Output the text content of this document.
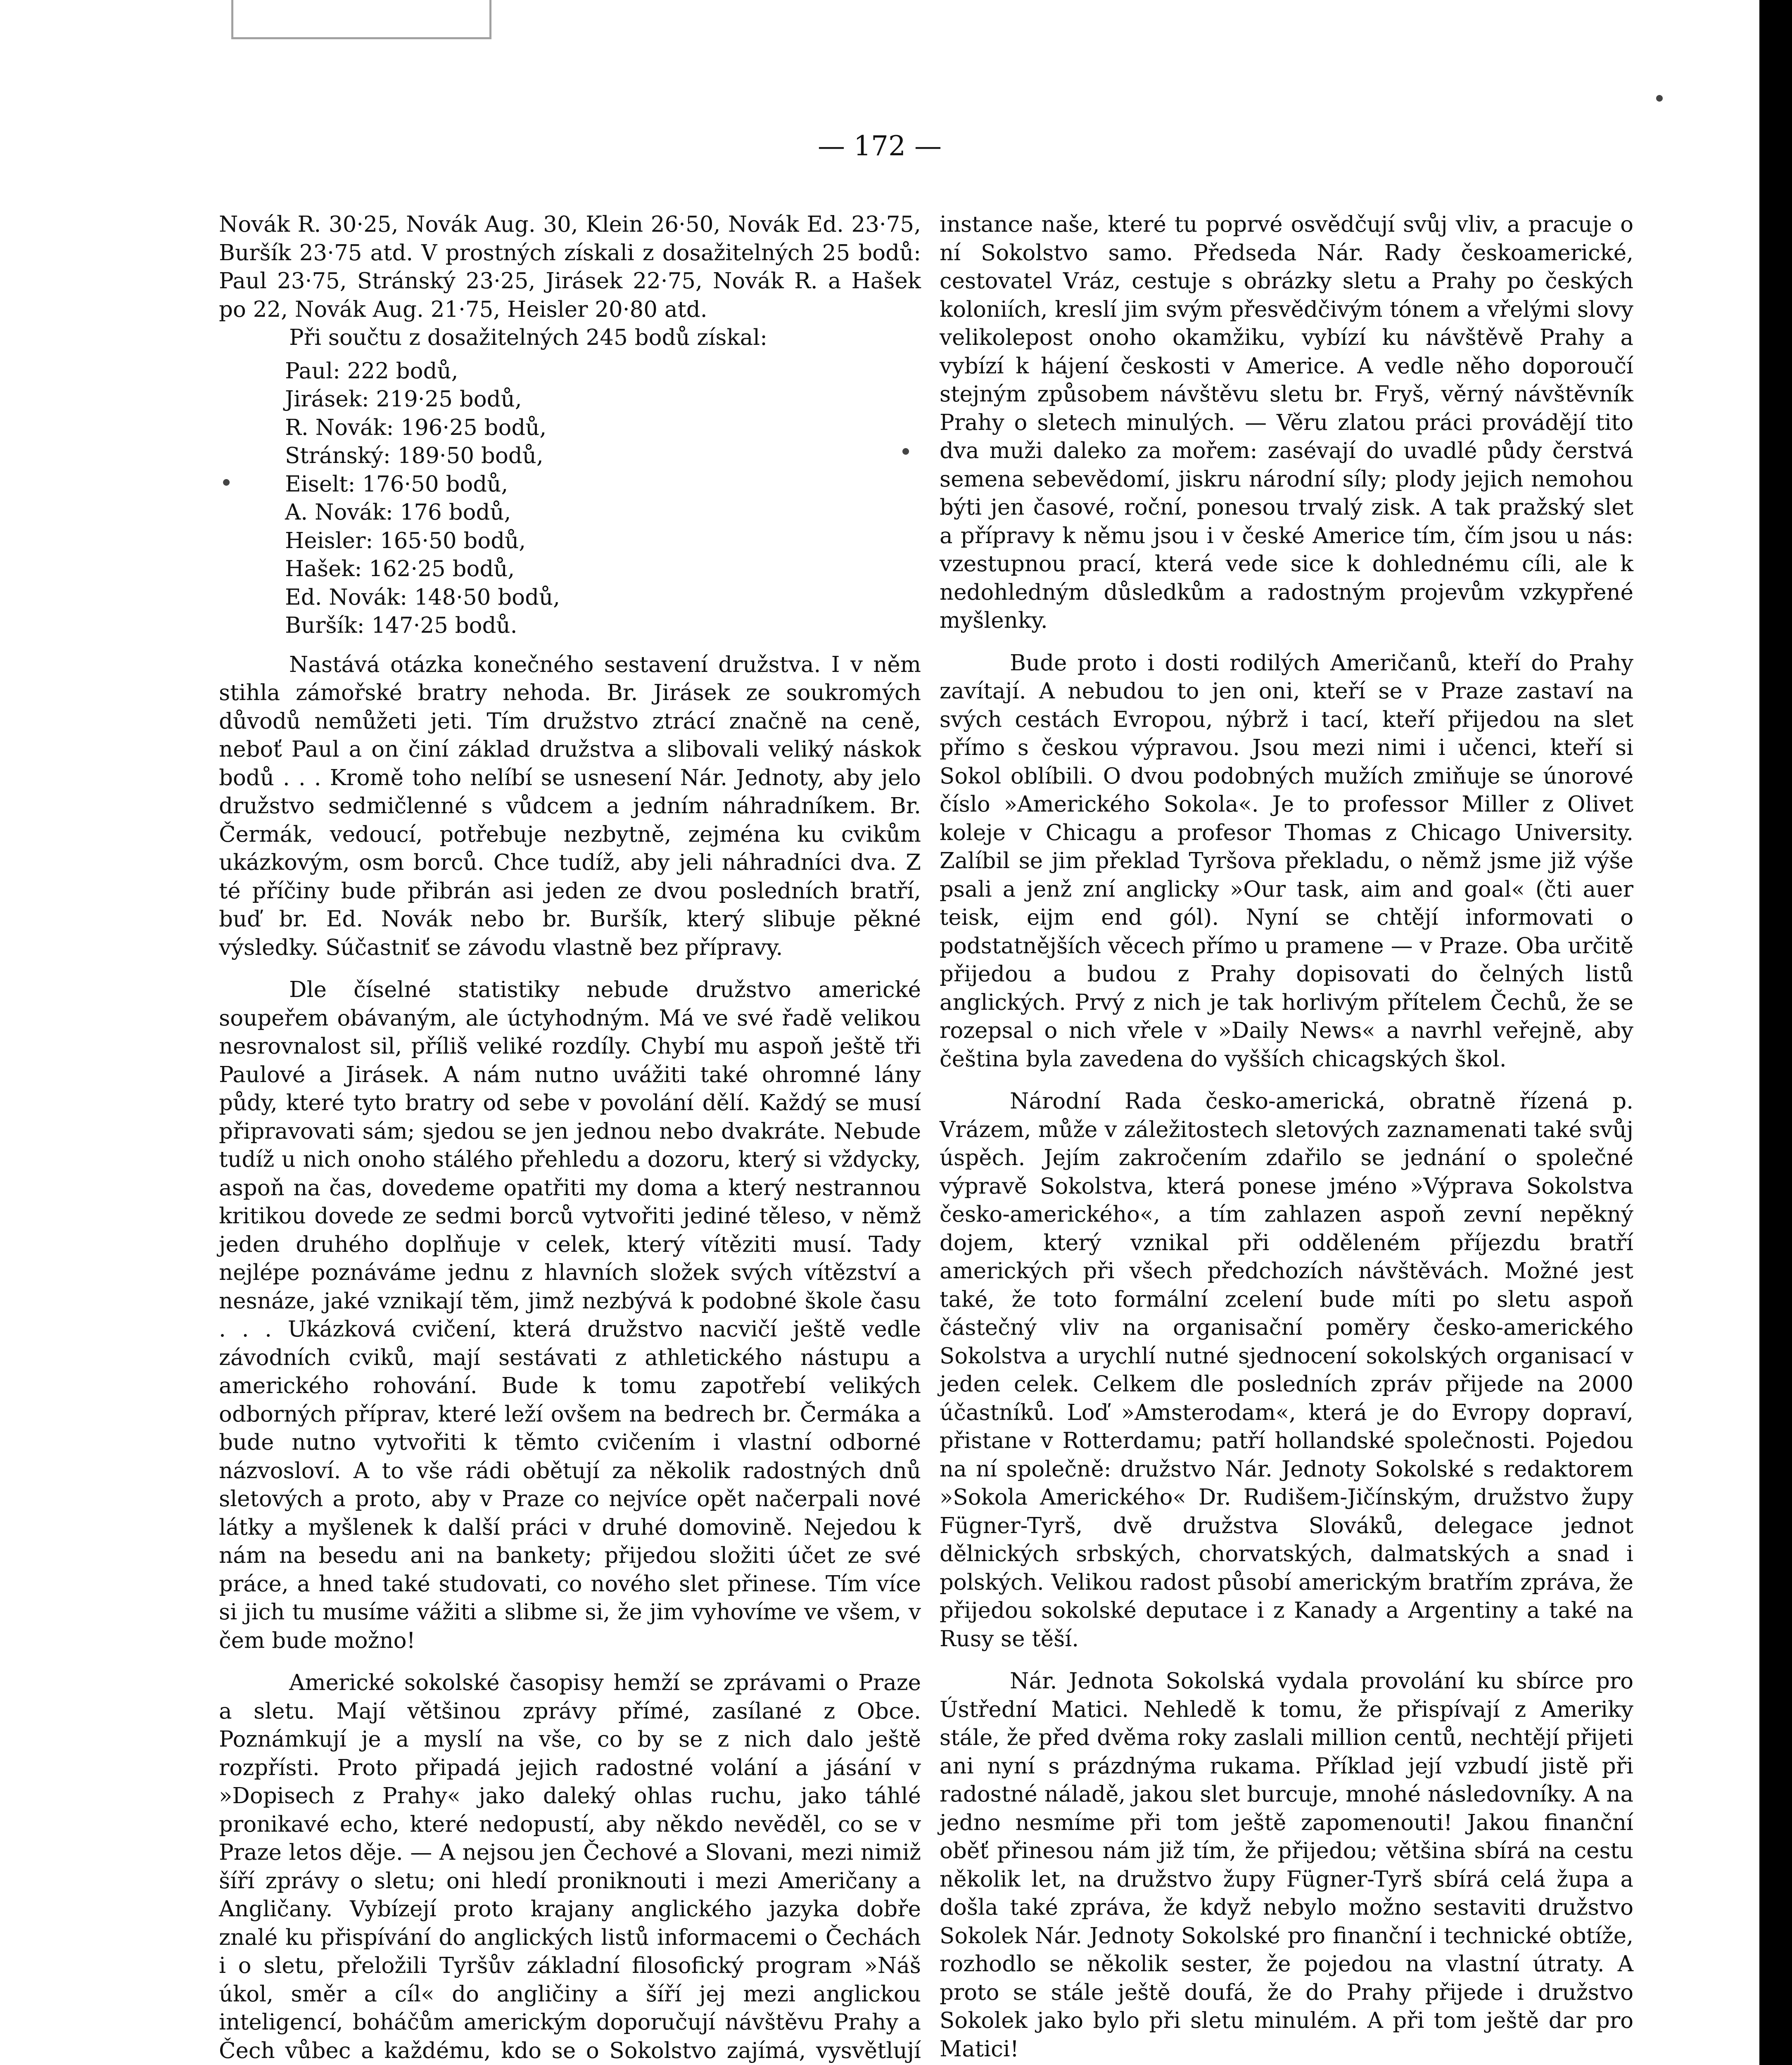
— 172 —

Novák R. 30·25, Novák Aug. 30, Klein 26·50, Novák Ed. 23·75, Buršík 23·75 atd. V prostných získali z dosažitelných 25 bodů: Paul 23·75, Stránský 23·25, Jirásek 22·75, Novák R. a Hašek po 22, Novák Aug. 21·75, Heisler 20·80 atd.

Při součtu z dosažitelných 245 bodů získal:

Paul: 222 bodů,
Jirásek: 219·25 bodů,
R. Novák: 196·25 bodů,
Stránský: 189·50 bodů,
Eiselt: 176·50 bodů,
A. Novák: 176 bodů,
Heisler: 165·50 bodů,
Hašek: 162·25 bodů,
Ed. Novák: 148·50 bodů,
Buršík: 147·25 bodů.

Nastává otázka konečného sestavení družstva. I v něm stihla zámořské bratry nehoda. Br. Jirásek ze soukromých důvodů nemůžeti jeti. Tím družstvo ztrácí značně na ceně, neboť Paul a on činí základ družstva a slibovali veliký náskok bodů . . . Kromě toho nelíbí se usnesení Nár. Jednoty, aby jelo družstvo sedmičlenné s vůdcem a jedním náhradníkem. Br. Čermák, vedoucí, potřebuje nezbytně, zejména ku cvikům ukázkovým, osm borců. Chce tudíž, aby jeli náhradníci dva. Z té příčiny bude přibrán asi jeden ze dvou posledních bratří, buď br. Ed. Novák nebo br. Buršík, který slibuje pěkné výsledky. Súčastniť se závodu vlastně bez přípravy.

Dle číselné statistiky nebude družstvo americké soupeřem obávaným, ale úctyhodným. Má ve své řadě velikou nesrovnalost sil, příliš veliké rozdíly. Chybí mu aspoň ještě tři Paulové a Jirásek. A nám nutno uvážiti také ohromné lány půdy, které tyto bratry od sebe v povolání dělí. Každý se musí připravovati sám; sjedou se jen jednou nebo dvakráte. Nebude tudíž u nich onoho stálého přehledu a dozoru, který si vždycky, aspoň na čas, dovedeme opatřiti my doma a který nestrannou kritikou dovede ze sedmi borců vytvořiti jediné těleso, v němž jeden druhého doplňuje v celek, který vítěziti musí. Tady nejlépe poznáváme jednu z hlavních složek svých vítězství a nesnáze, jaké vznikají těm, jimž nezbývá k podobné škole času . . . Ukázková cvičení, která družstvo nacvičí ještě vedle závodních cviků, mají sestávati z athletického nástupu a amerického rohování. Bude k tomu zapotřebí velikých odborných příprav, které leží ovšem na bedrech br. Čermáka a bude nutno vytvořiti k těmto cvičením i vlastní odborné názvosloví. A to vše rádi obětují za několik radostných dnů sletových a proto, aby v Praze co nejvíce opět načerpali nové látky a myšlenek k další práci v druhé domovině. Nejedou k nám na besedu ani na bankety; přijedou složiti účet ze své práce, a hned také studovati, co nového slet přinese. Tím více si jich tu musíme vážiti a slibme si, že jim vyhovíme ve všem, v čem bude možno!

Americké sokolské časopisy hemží se zprávami o Praze a sletu. Mají většinou zprávy přímé, zasílané z Obce. Poznámkují je a myslí na vše, co by se z nich dalo ještě rozpřísti. Proto připadá jejich radostné volání a jásání v »Dopisech z Prahy« jako daleký ohlas ruchu, jako táhlé pronikavé echo, které nedopustí, aby někdo nevěděl, co se v Praze letos děje. — A nejsou jen Čechové a Slovani, mezi nimiž šíří zprávy o sletu; oni hledí proniknouti i mezi Američany a Angličany. Vybízejí proto krajany anglického jazyka dobře znalé ku přispívání do anglických listů informacemi o Čechách i o sletu, přeložili Tyršův základní filosofický program »Náš úkol, směr a cíl« do angličiny a šíří jej mezi anglickou inteligencí, boháčům americkým doporučují návštěvu Prahy a Čech vůbec a každému, kdo se o Sokolstvo zajímá, vysvětlují

instance naše, které tu poprvé osvědčují svůj vliv, a pracuje o ní Sokolstvo samo. Předseda Nár. Rady českoamerické, cestovatel Vráz, cestuje s obrázky sletu a Prahy po českých koloniích, kreslí jim svým přesvědčivým tónem a vřelými slovy velikolepost onoho okamžiku, vybízí ku návštěvě Prahy a vybízí k hájení českosti v Americe. A vedle něho doporoučí stejným způsobem návštěvu sletu br. Fryš, věrný návštěvník Prahy o sletech minulých. — Věru zlatou práci provádějí tito dva muži daleko za mořem: zasévají do uvadlé půdy čerstvá semena sebevědomí, jiskru národní síly; plody jejich nemohou býti jen časové, roční, ponesou trvalý zisk. A tak pražský slet a přípravy k němu jsou i v české Americe tím, čím jsou u nás: vzestupnou prací, která vede sice k dohlednému cíli, ale k nedohledným důsledkům a radostným projevům vzkypřené myšlenky.

Bude proto i dosti rodilých Američanů, kteří do Prahy zavítají. A nebudou to jen oni, kteří se v Praze zastaví na svých cestách Evropou, nýbrž i tací, kteří přijedou na slet přímo s českou výpravou. Jsou mezi nimi i učenci, kteří si Sokol oblíbili. O dvou podobných mužích zmiňuje se únorové číslo »Amerického Sokola«. Je to professor Miller z Olivet koleje v Chicagu a profesor Thomas z Chicago University. Zalíbil se jim překlad Tyršova překladu, o němž jsme již výše psali a jenž zní anglicky »Our task, aim and goal« (čti auer teisk, eijm end gól). Nyní se chtějí informovati o podstatnějších věcech přímo u pramene — v Praze. Oba určitě přijedou a budou z Prahy dopisovati do čelných listů anglických. Prvý z nich je tak horlivým přítelem Čechů, že se rozepsal o nich vřele v »Daily News« a navrhl veřejně, aby čeština byla zavedena do vyšších chicagských škol.

Národní Rada česko-americká, obratně řízená p. Vrázem, může v záležitostech sletových zaznamenati také svůj úspěch. Jejím zakročením zdařilo se jednání o společné výpravě Sokolstva, která ponese jméno »Výprava Sokolstva česko-amerického«, a tím zahlazen aspoň zevní nepěkný dojem, který vznikal při odděleném příjezdu bratří amerických při všech předchozích návštěvách. Možné jest také, že toto formální zcelení bude míti po sletu aspoň částečný vliv na organisační poměry česko-amerického Sokolstva a urychlí nutné sjednocení sokolských organisací v jeden celek. Celkem dle posledních zpráv přijede na 2000 účastníků. Loď »Amsterodam«, která je do Evropy dopraví, přistane v Rotterdamu; patří hollandské společnosti. Pojedou na ní společně: družstvo Nár. Jednoty Sokolské s redaktorem »Sokola Amerického« Dr. Rudišem-Jičínským, družstvo župy Fügner-Tyrš, dvě družstva Slováků, delegace jednot dělnických srbských, chorvatských, dalmatských a snad i polských. Velikou radost působí americkým bratřím zpráva, že přijedou sokolské deputace i z Kanady a Argentiny a také na Rusy se těší.

Nár. Jednota Sokolská vydala provolání ku sbírce pro Ústřední Matici. Nehledě k tomu, že přispívají z Ameriky stále, že před dvěma roky zaslali million centů, nechtějí přijeti ani nyní s prázdnýma rukama. Příklad její vzbudí jistě při radostné náladě, jakou slet burcuje, mnohé následovníky. A na jedno nesmíme při tom ještě zapomenouti! Jakou finanční oběť přinesou nám již tím, že přijedou; většina sbírá na cestu několik let, na družstvo župy Fügner-Tyrš sbírá celá župa a došla také zpráva, že když nebylo možno sestaviti družstvo Sokolek Nár. Jednoty Sokolské pro finanční i technické obtíže, rozhodlo se několik sester, že pojedou na vlastní útraty. A proto se stále ještě doufá, že do Prahy přijede i družstvo Sokolek jako bylo při sletu minulém. A při tom ještě dar pro Matici!
